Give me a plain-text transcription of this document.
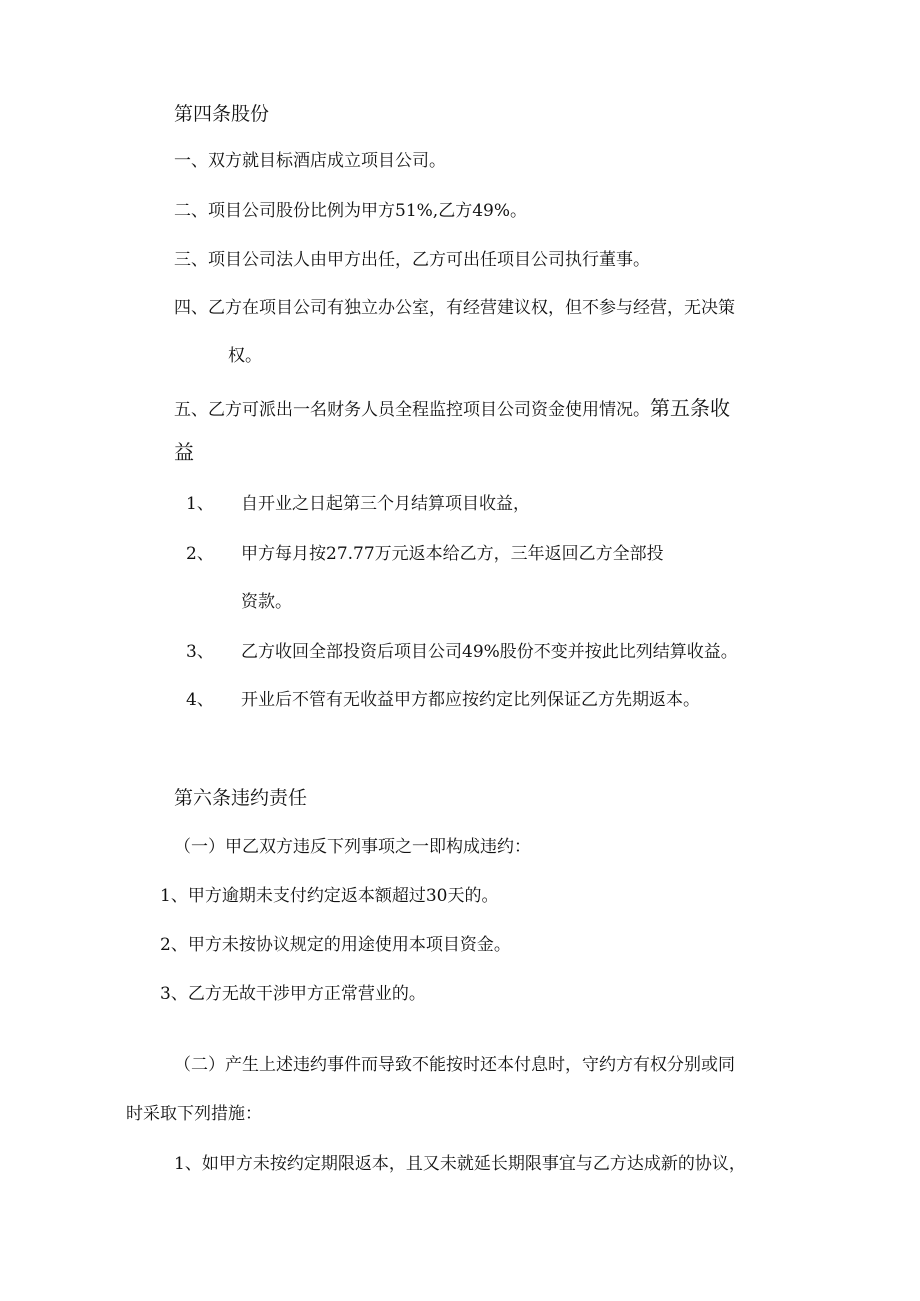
第四条股份
一、双方就目标酒店成立项目公司。
二、项目公司股份比例为甲方51%,乙方49%。
三、项目公司法人由甲方出任，乙方可出任项目公司执行董事。
四、乙方在项目公司有独立办公室，有经营建议权，但不参与经营，无决策
权。
五、乙方可派出一名财务人员全程监控项目公司资金使用情况。第五条收
益
1、 自开业之日起第三个月结算项目收益，
2、 甲方每月按27.77万元返本给乙方，三年返回乙方全部投
资款。
3、 乙方收回全部投资后项目公司49%股份不变并按此比列结算收益。
4、 开业后不管有无收益甲方都应按约定比列保证乙方先期返本。
第六条违约责任
（一）甲乙双方违反下列事项之一即构成违约：
1、甲方逾期未支付约定返本额超过30天的。
2、甲方未按协议规定的用途使用本项目资金。
3、乙方无故干涉甲方正常营业的。
（二）产生上述违约事件而导致不能按时还本付息时，守约方有权分别或同
时采取下列措施：
1、如甲方未按约定期限返本，且又未就延长期限事宜与乙方达成新的协议，
